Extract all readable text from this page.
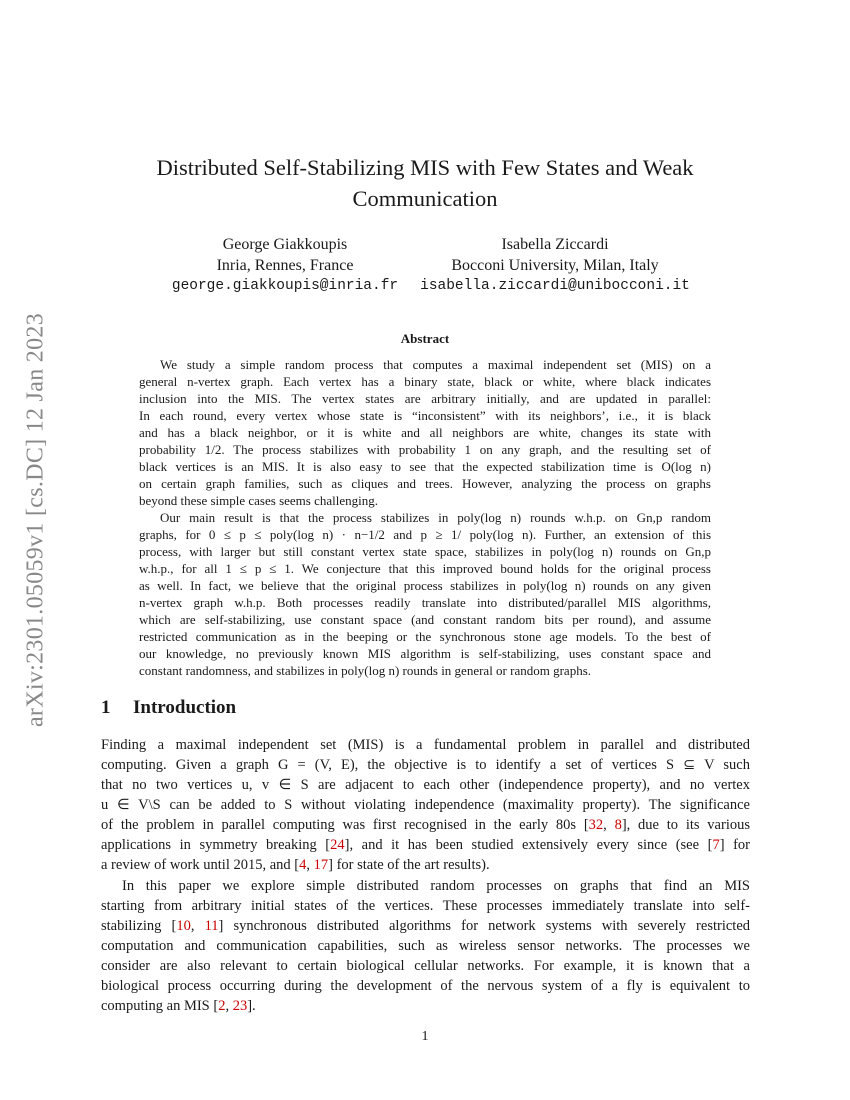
arXiv:2301.05059v1 [cs.DC] 12 Jan 2023
Distributed Self-Stabilizing MIS with Few States and Weak
Communication
George Giakkoupis
Inria, Rennes, France
george.giakkoupis@inria.fr
Isabella Ziccardi
Bocconi University, Milan, Italy
isabella.ziccardi@unibocconi.it
Abstract
We study a simple random process that computes a maximal independent set (MIS) on a
general n-vertex graph. Each vertex has a binary state, black or white, where black indicates
inclusion into the MIS. The vertex states are arbitrary initially, and are updated in parallel:
In each round, every vertex whose state is “inconsistent” with its neighbors’, i.e., it is black
and has a black neighbor, or it is white and all neighbors are white, changes its state with
probability 1/2. The process stabilizes with probability 1 on any graph, and the resulting set of
black vertices is an MIS. It is also easy to see that the expected stabilization time is O(log n)
on certain graph families, such as cliques and trees. However, analyzing the process on graphs
beyond these simple cases seems challenging.
Our main result is that the process stabilizes in poly(log n) rounds w.h.p. on Gn,p random
graphs, for 0 ≤ p ≤ poly(log n) · n−1/2 and p ≥ 1/ poly(log n). Further, an extension of this
process, with larger but still constant vertex state space, stabilizes in poly(log n) rounds on Gn,p
w.h.p., for all 1 ≤ p ≤ 1. We conjecture that this improved bound holds for the original process
as well. In fact, we believe that the original process stabilizes in poly(log n) rounds on any given
n-vertex graph w.h.p. Both processes readily translate into distributed/parallel MIS algorithms,
which are self-stabilizing, use constant space (and constant random bits per round), and assume
restricted communication as in the beeping or the synchronous stone age models. To the best of
our knowledge, no previously known MIS algorithm is self-stabilizing, uses constant space and
constant randomness, and stabilizes in poly(log n) rounds in general or random graphs.
1 Introduction
Finding a maximal independent set (MIS) is a fundamental problem in parallel and distributed
computing. Given a graph G = (V, E), the objective is to identify a set of vertices S ⊆ V such
that no two vertices u, v ∈ S are adjacent to each other (independence property), and no vertex
u ∈ V\S can be added to S without violating independence (maximality property). The significance
of the problem in parallel computing was first recognised in the early 80s [32, 8], due to its various
applications in symmetry breaking [24], and it has been studied extensively every since (see [7] for
a review of work until 2015, and [4, 17] for state of the art results).
In this paper we explore simple distributed random processes on graphs that find an MIS
starting from arbitrary initial states of the vertices. These processes immediately translate into self-
stabilizing [10, 11] synchronous distributed algorithms for network systems with severely restricted
computation and communication capabilities, such as wireless sensor networks. The processes we
consider are also relevant to certain biological cellular networks. For example, it is known that a
biological process occurring during the development of the nervous system of a fly is equivalent to
computing an MIS [2, 23].
1
